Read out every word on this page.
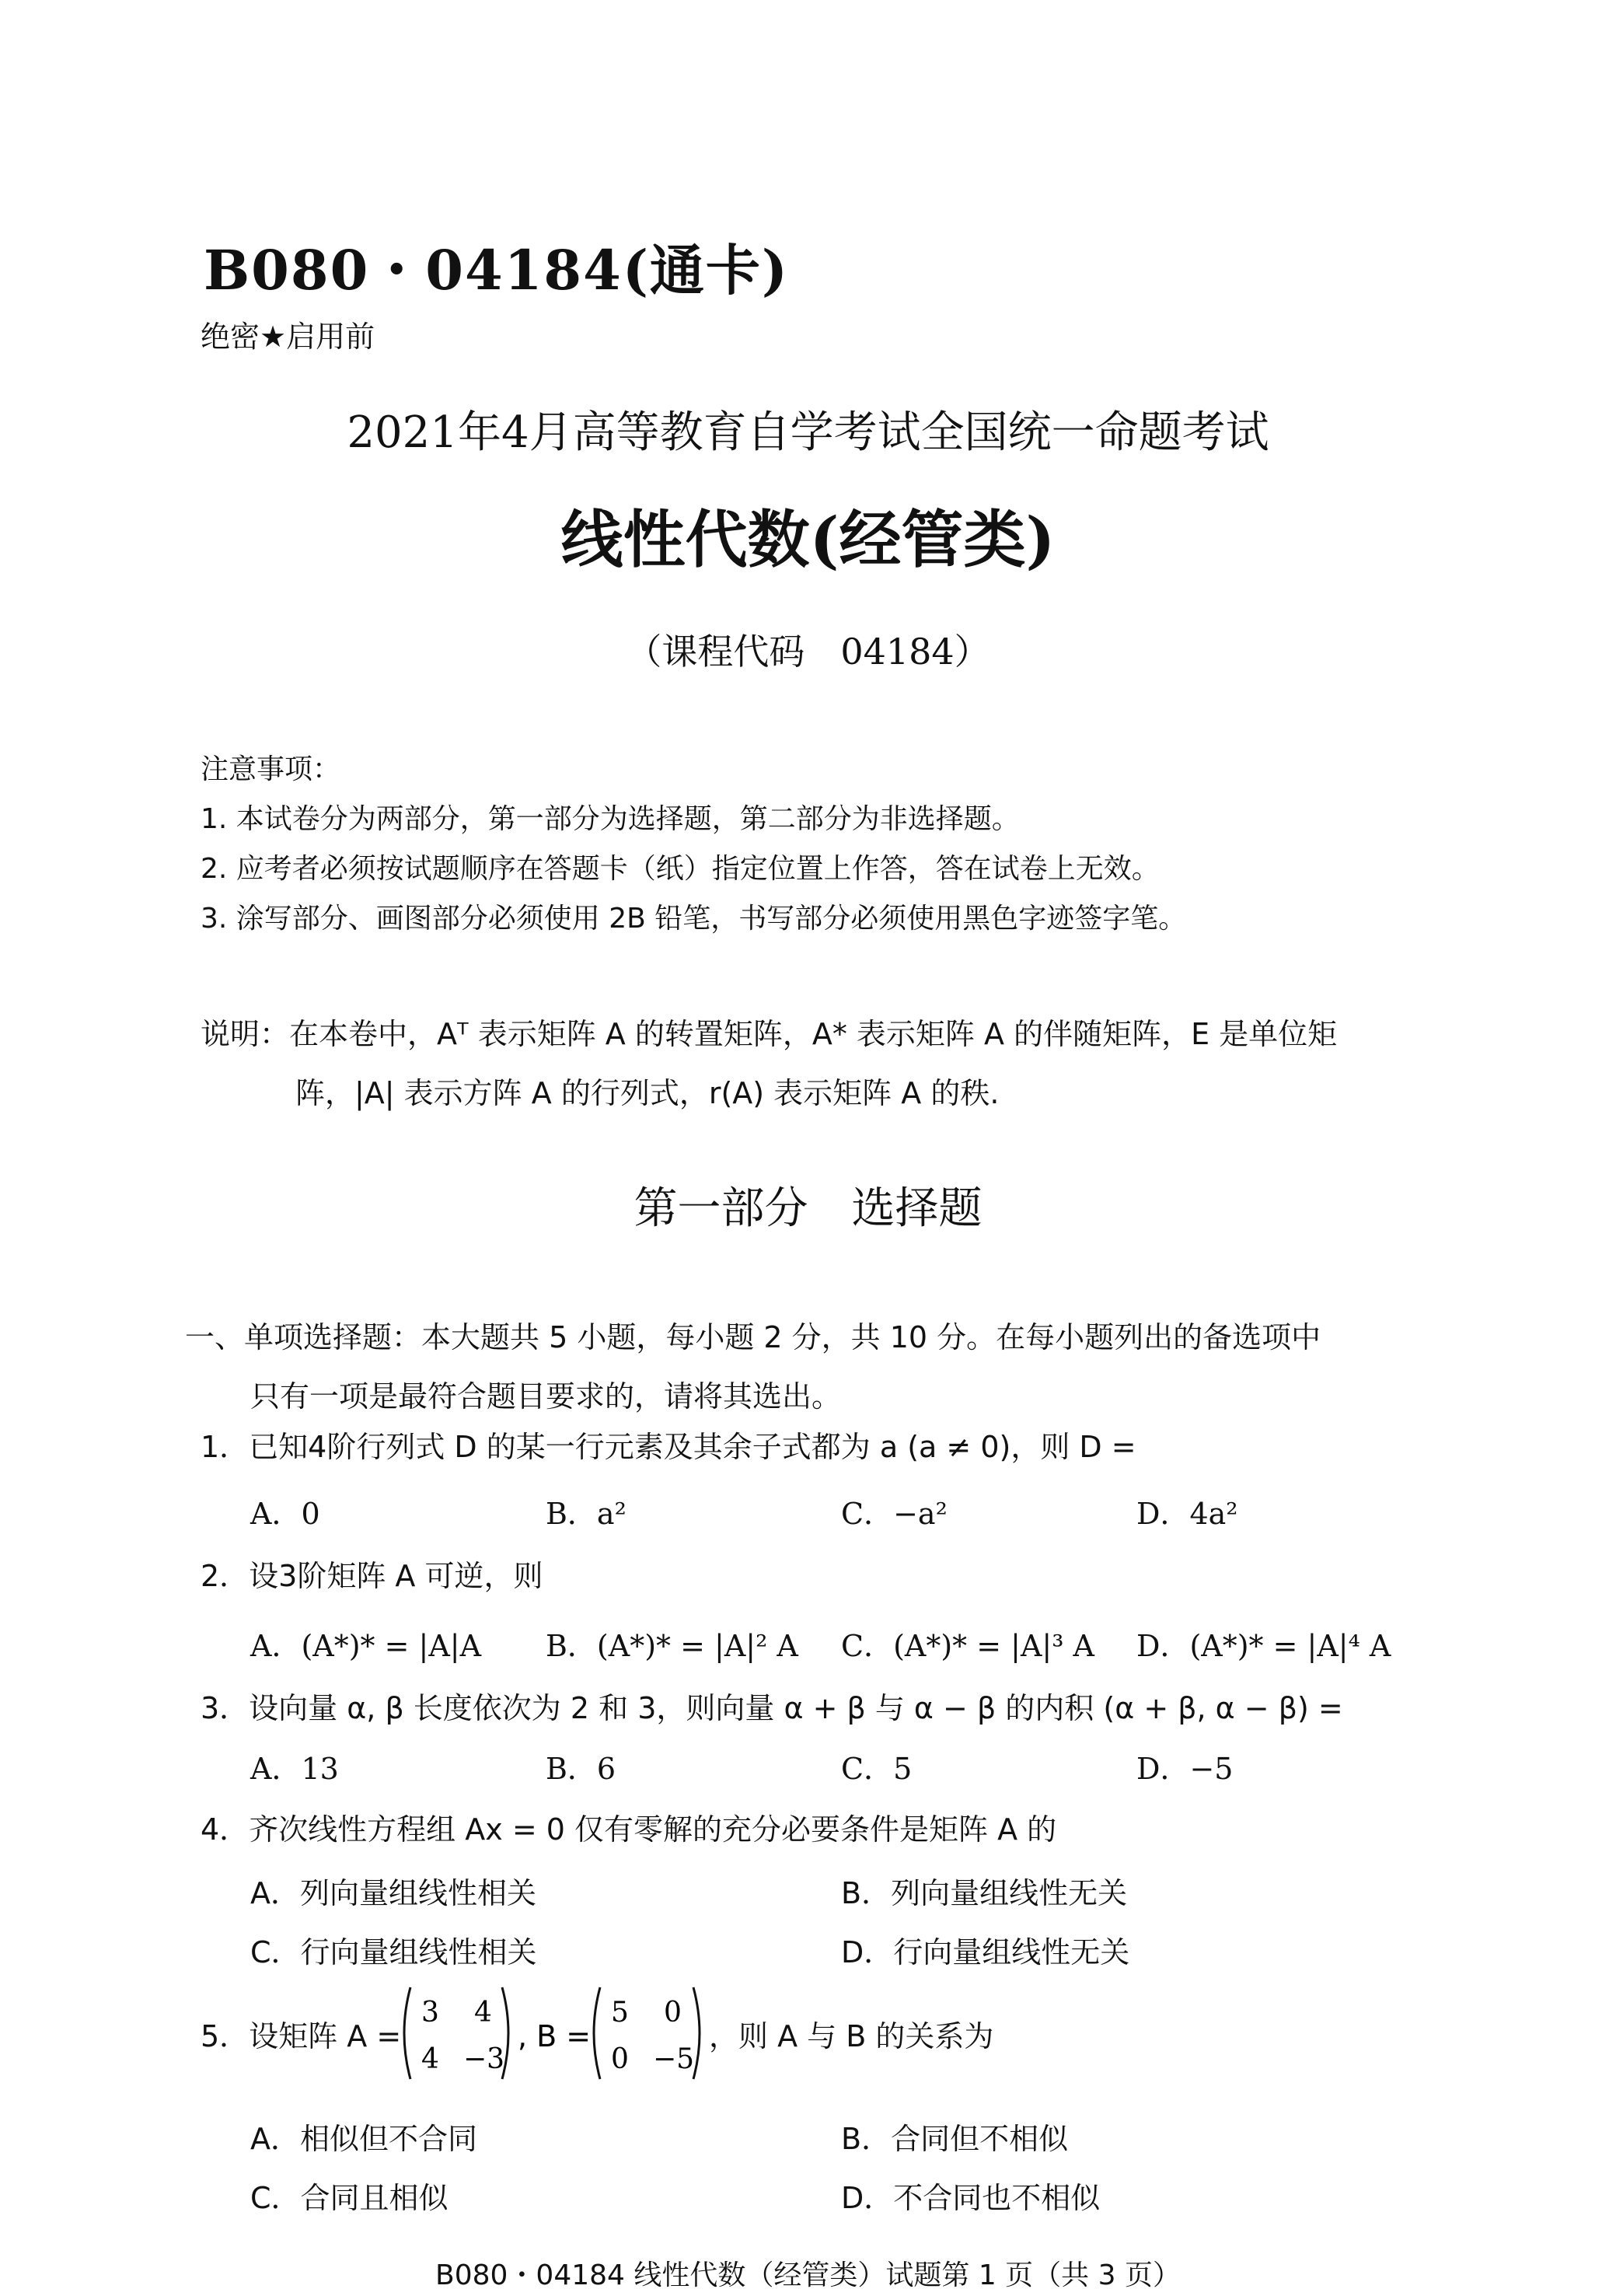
B080・04184(通卡)
绝密★启用前
2021年4月高等教育自学考试全国统一命题考试
线性代数(经管类)
（课程代码　04184）
注意事项：
1. 本试卷分为两部分，第一部分为选择题，第二部分为非选择题。
2. 应考者必须按试题顺序在答题卡（纸）指定位置上作答，答在试卷上无效。
3. 涂写部分、画图部分必须使用 2B 铅笔，书写部分必须使用黑色字迹签字笔。
说明：在本卷中，Aᵀ 表示矩阵 A 的转置矩阵，A* 表示矩阵 A 的伴随矩阵，E 是单位矩
阵，|A| 表示方阵 A 的行列式，r(A) 表示矩阵 A 的秩.
第一部分　选择题
一、单项选择题：本大题共 5 小题，每小题 2 分，共 10 分。在每小题列出的备选项中
只有一项是最符合题目要求的，请将其选出。
1．已知4阶行列式 D 的某一行元素及其余子式都为 a (a ≠ 0)，则 D =
A．0	B．a²	C．−a²	D．4a²
2．设3阶矩阵 A 可逆，则
A．(A*)* = |A|A B．(A*)* = |A|² A C．(A*)* = |A|³ A D．(A*)* = |A|⁴ A
3．设向量 α, β 长度依次为 2 和 3，则向量 α + β 与 α − β 的内积 (α + β, α − β) =
A．13	B．6	C．5	D．−5
4．齐次线性方程组 Ax = 0 仅有零解的充分必要条件是矩阵 A 的
A．列向量组线性相关	B．列向量组线性无关
C．行向量组线性相关	D．行向量组线性无关
5．设矩阵 A =
3 4
4 −3
, B =
5 0
0 −5
，则 A 与 B 的关系为
A．相似但不合同	B．合同但不相似
C．合同且相似	D．不合同也不相似
B080・04184 线性代数（经管类）试题第 1 页（共 3 页）
